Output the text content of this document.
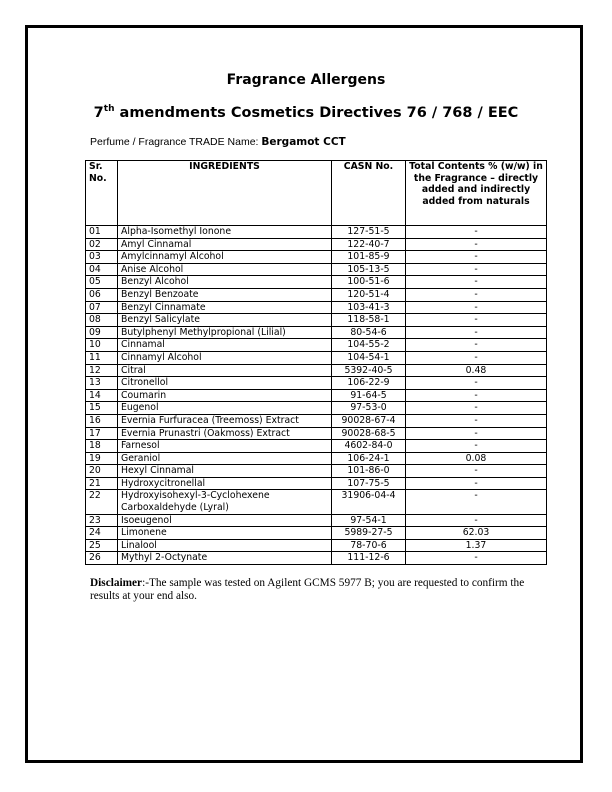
Fragrance Allergens
7th amendments Cosmetics Directives 76 / 768 / EEC
Perfume / Fragrance TRADE Name: Bergamot CCT
Sr. No.	INGREDIENTS	CASN No.	Total Contents % (w/w) in the Fragrance – directly added and indirectly added from naturals
01	Alpha-Isomethyl Ionone	127-51-5	-
02	Amyl Cinnamal	122-40-7	-
03	Amylcinnamyl Alcohol	101-85-9	-
04	Anise Alcohol	105-13-5	-
05	Benzyl Alcohol	100-51-6	-
06	Benzyl Benzoate	120-51-4	-
07	Benzyl Cinnamate	103-41-3	-
08	Benzyl Salicylate	118-58-1	-
09	Butylphenyl Methylpropional (Lilial)	80-54-6	-
10	Cinnamal	104-55-2	-
11	Cinnamyl Alcohol	104-54-1	-
12	Citral	5392-40-5	0.48
13	Citronellol	106-22-9	-
14	Coumarin	91-64-5	-
15	Eugenol	97-53-0	-
16	Evernia Furfuracea (Treemoss) Extract	90028-67-4	-
17	Evernia Prunastri (Oakmoss) Extract	90028-68-5	-
18	Farnesol	4602-84-0	-
19	Geraniol	106-24-1	0.08
20	Hexyl Cinnamal	101-86-0	-
21	Hydroxycitronellal	107-75-5	-
22	Hydroxyisohexyl-3-Cyclohexene Carboxaldehyde (Lyral)	31906-04-4	-
23	Isoeugenol	97-54-1	-
24	Limonene	5989-27-5	62.03
25	Linalool	78-70-6	1.37
26	Mythyl 2-Octynate	111-12-6	-
Disclaimer:-The sample was tested on Agilent GCMS 5977 B; you are requested to confirm the results at your end also.
